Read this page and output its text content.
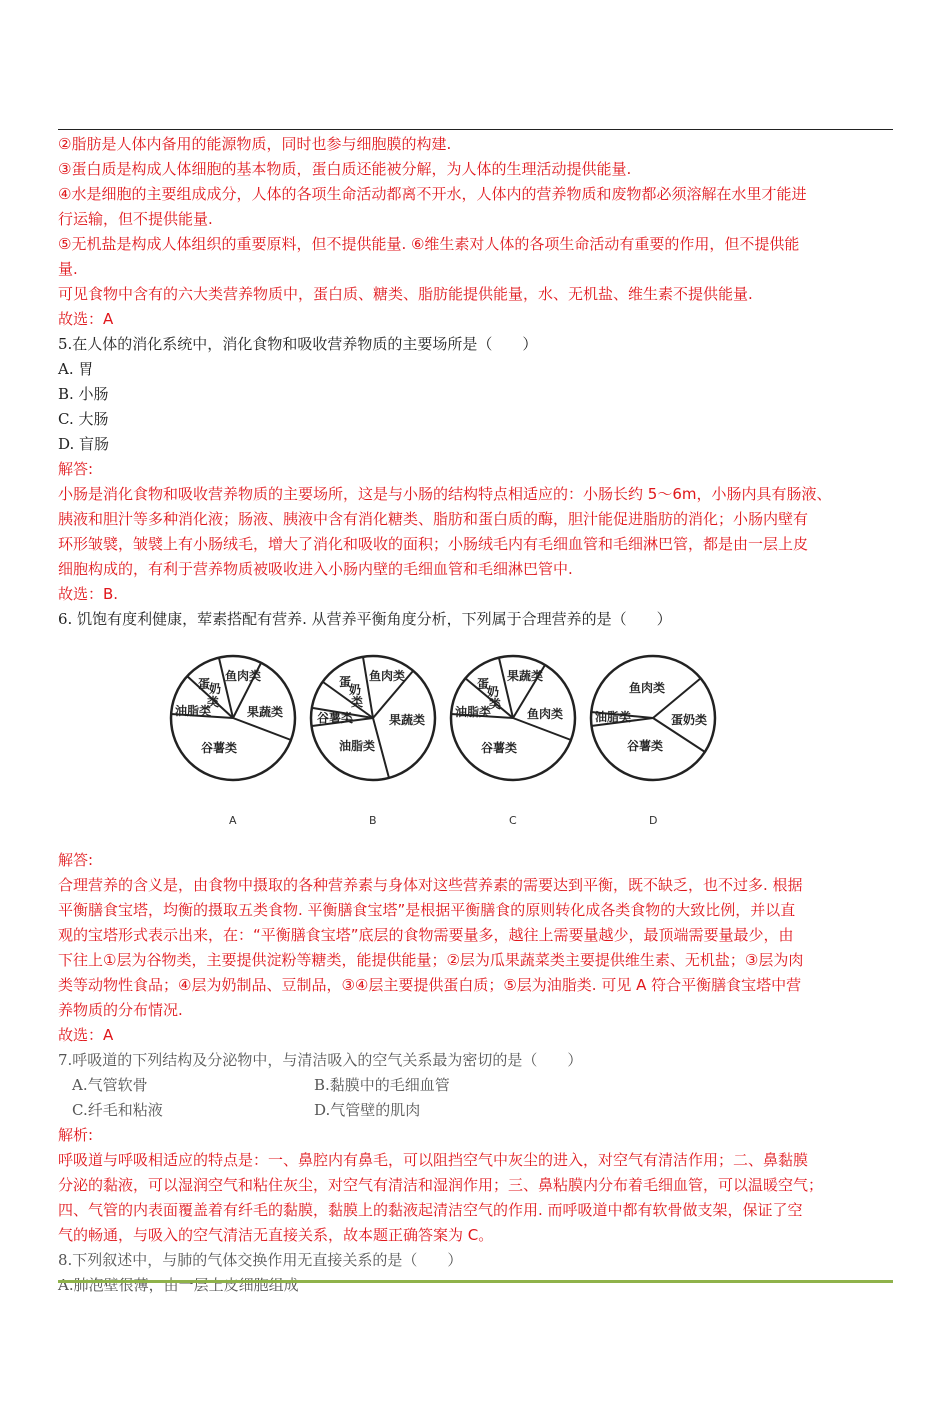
②脂肪是人体内备用的能源物质，同时也参与细胞膜的构建.
③蛋白质是构成人体细胞的基本物质，蛋白质还能被分解，为人体的生理活动提供能量.
④水是细胞的主要组成成分，人体的各项生命活动都离不开水，人体内的营养物质和废物都必须溶解在水里才能进
行运输，但不提供能量.
⑤无机盐是构成人体组织的重要原料，但不提供能量. ⑥维生素对人体的各项生命活动有重要的作用，但不提供能
量.
可见食物中含有的六大类营养物质中，蛋白质、糖类、脂肪能提供能量，水、无机盐、维生素不提供能量.
故选：A
5.在人体的消化系统中，消化食物和吸收营养物质的主要场所是（　　）
A. 胃
B. 小肠
C. 大肠
D. 盲肠
解答:
小肠是消化食物和吸收营养物质的主要场所，这是与小肠的结构特点相适应的：小肠长约 5～6m，小肠内具有肠液、
胰液和胆汁等多种消化液；肠液、胰液中含有消化糖类、脂肪和蛋白质的酶，胆汁能促进脂肪的消化；小肠内壁有
环形皱襞，皱襞上有小肠绒毛，增大了消化和吸收的面积；小肠绒毛内有毛细血管和毛细淋巴管，都是由一层上皮
细胞构成的，有利于营养物质被吸收进入小肠内壁的毛细血管和毛细淋巴管中.
故选：B.
6. 饥饱有度利健康，荤素搭配有营养. 从营养平衡角度分析，下列属于合理营养的是（　　）
鱼肉类
蛋
奶
类
油脂类	果蔬类
谷薯类
A
鱼肉类
蛋
奶
类
谷薯类	果蔬类
油脂类
B
果蔬类
蛋
奶
类
油脂类	鱼肉类
谷薯类
C
鱼肉类
油脂类	蛋奶类
谷薯类
D
解答:
合理营养的含义是，由食物中摄取的各种营养素与身体对这些营养素的需要达到平衡，既不缺乏，也不过多. 根据
平衡膳食宝塔，均衡的摄取五类食物. 平衡膳食宝塔”是根据平衡膳食的原则转化成各类食物的大致比例，并以直
观的宝塔形式表示出来，在：“平衡膳食宝塔”底层的食物需要量多，越往上需要量越少，最顶端需要量最少，由
下往上①层为谷物类，主要提供淀粉等糖类，能提供能量；②层为瓜果蔬菜类主要提供维生素、无机盐；③层为肉
类等动物性食品；④层为奶制品、豆制品，③④层主要提供蛋白质；⑤层为油脂类. 可见 A 符合平衡膳食宝塔中营
养物质的分布情况.
故选：A
7.呼吸道的下列结构及分泌物中，与清洁吸入的空气关系最为密切的是（　　）
A.气管软骨	B.黏膜中的毛细血管
C.纤毛和粘液	D.气管壁的肌肉
解析:
呼吸道与呼吸相适应的特点是：一、鼻腔内有鼻毛，可以阻挡空气中灰尘的进入，对空气有清洁作用；二、鼻黏膜
分泌的黏液，可以湿润空气和粘住灰尘，对空气有清洁和湿润作用；三、鼻粘膜内分布着毛细血管，可以温暖空气；
四、气管的内表面覆盖着有纤毛的黏膜，黏膜上的黏液起清洁空气的作用. 而呼吸道中都有软骨做支架，保证了空
气的畅通，与吸入的空气清洁无直接关系，故本题正确答案为 C。
8.下列叙述中，与肺的气体交换作用无直接关系的是（　　）
A.肺泡壁很薄，由一层上皮细胞组成
